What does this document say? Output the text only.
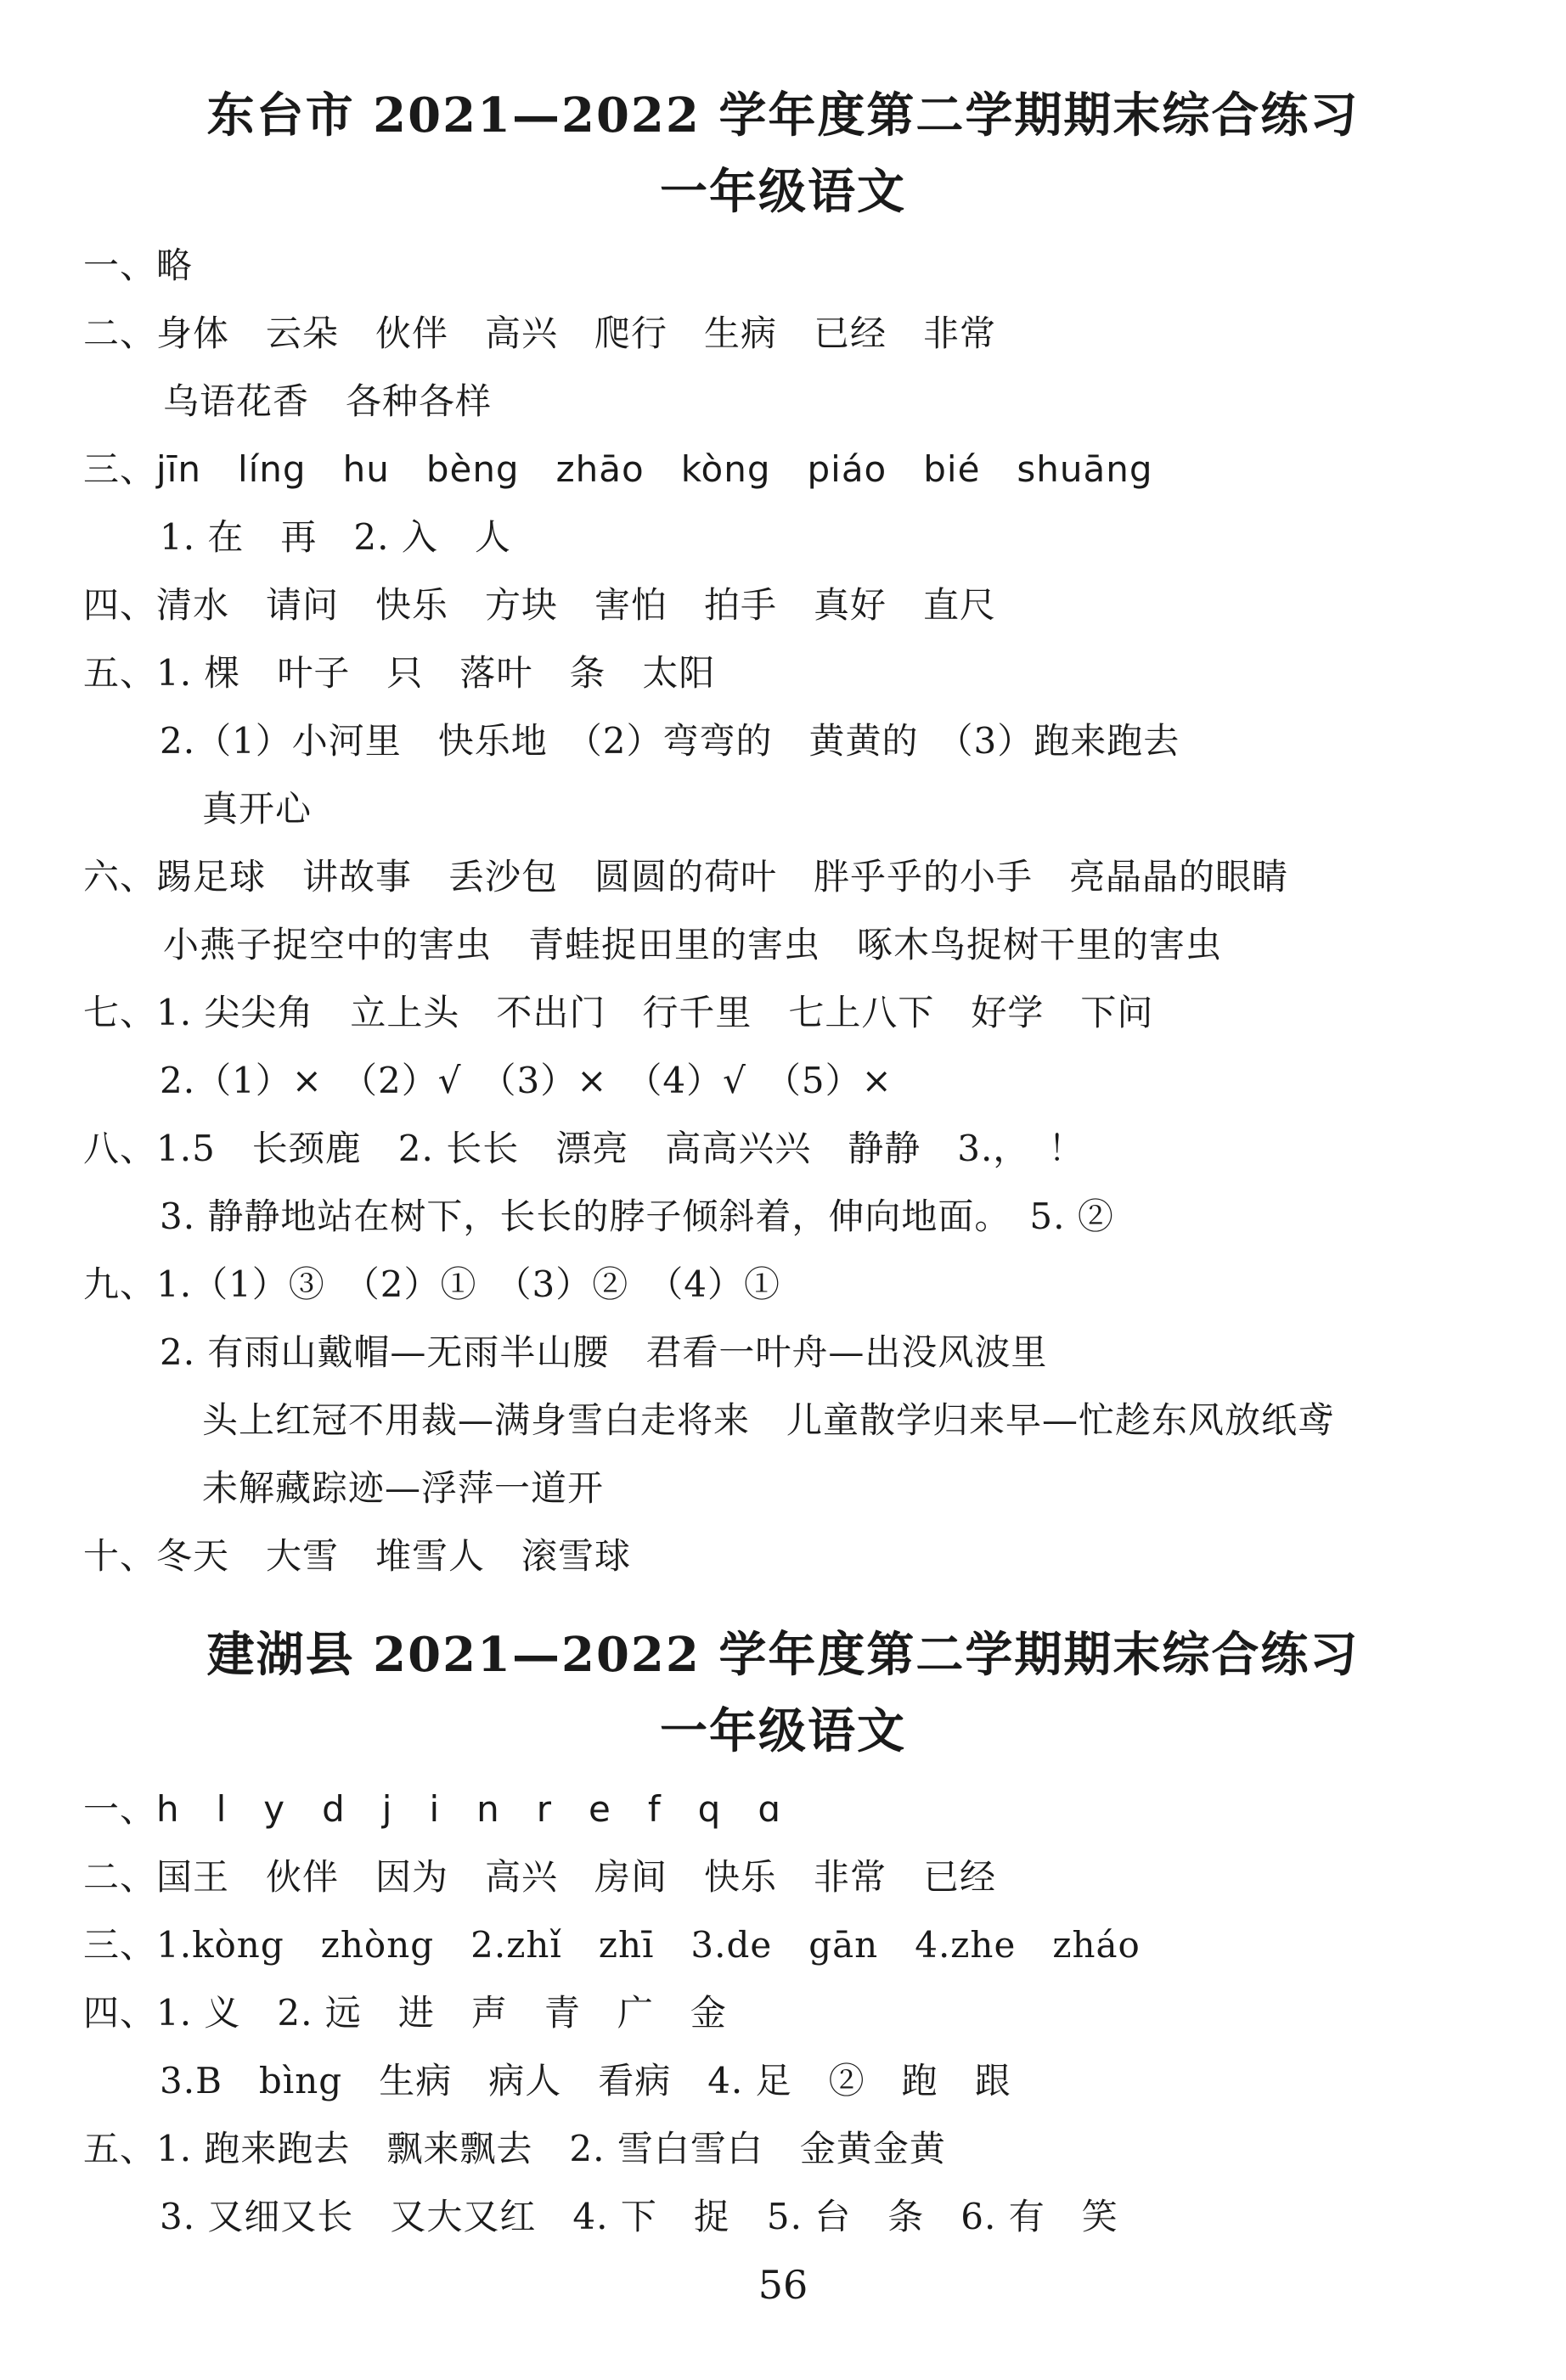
东台市 2021—2022 学年度第二学期期末综合练习
一年级语文
一、略
二、身体　云朵　伙伴　高兴　爬行　生病　已经　非常
乌语花香　各种各样
三、jīn　líng　hu　bèng　zhāo　kòng　piáo　bié　shuāng
1. 在　再　2. 入　人
四、清水　请问　快乐　方块　害怕　拍手　真好　直尺
五、1. 棵　叶子　只　落叶　条　太阳
2.（1）小河里　快乐地　（2）弯弯的　黄黄的　（3）跑来跑去
真开心
六、踢足球　讲故事　丢沙包　圆圆的荷叶　胖乎乎的小手　亮晶晶的眼睛
小燕子捉空中的害虫　青蛙捉田里的害虫　啄木鸟捉树干里的害虫
七、1. 尖尖角　立上头　不出门　行千里　七上八下　好学　下问
2.（1）×　（2）√　（3）×　（4）√　（5）×
八、1.5　长颈鹿　2. 长长　漂亮　高高兴兴　静静　3.，　！
3. 静静地站在树下，长长的脖子倾斜着，伸向地面。　5. ②
九、1.（1）③　（2）①　（3）②　（4）①
2. 有雨山戴帽—无雨半山腰　君看一叶舟—出没风波里
头上红冠不用裁—满身雪白走将来　儿童散学归来早—忙趁东风放纸鸢
未解藏踪迹—浮萍一道开
十、冬天　大雪　堆雪人　滚雪球
建湖县 2021—2022 学年度第二学期期末综合练习
一年级语文
一、h　l　y　d　j　i　n　r　e　f　q　ɑ
二、国王　伙伴　因为　高兴　房间　快乐　非常　已经
三、1.kòng　zhòng　2.zhǐ　zhī　3.de　gān　4.zhe　zháo
四、1. 义　2. 远　进　声　青　广　金
3.B　bìng　生病　病人　看病　4. 足　②　跑　跟
五、1. 跑来跑去　飘来飘去　2. 雪白雪白　金黄金黄
3. 又细又长　又大又红　4. 下　捉　5. 台　条　6. 有　笑
56
